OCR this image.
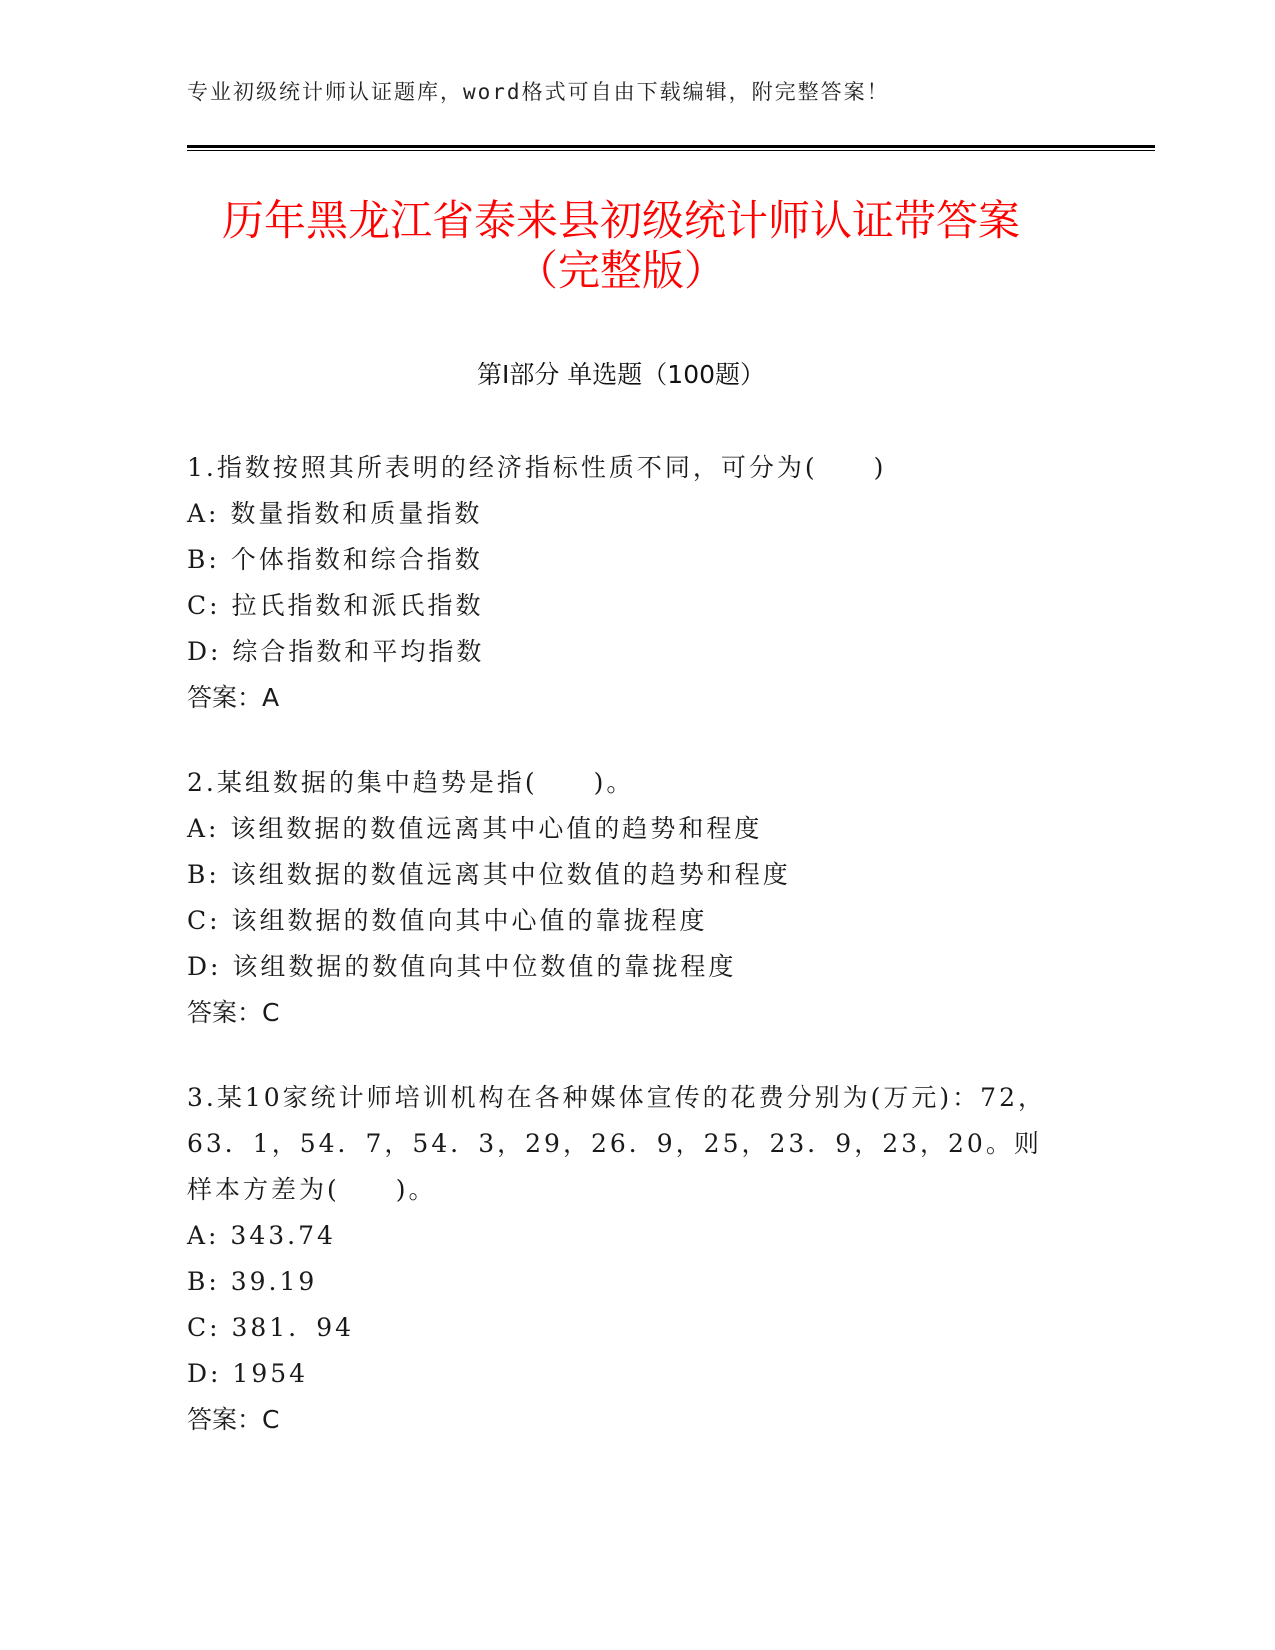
专业初级统计师认证题库，word格式可自由下载编辑，附完整答案！
历年黑龙江省泰来县初级统计师认证带答案（完整版）
第Ⅰ部分 单选题（100题）
1.指数按照其所表明的经济指标性质不同，可分为(　　)
A: 数量指数和质量指数
B: 个体指数和综合指数
C: 拉氏指数和派氏指数
D: 综合指数和平均指数
答案：A
2.某组数据的集中趋势是指(　　)。
A: 该组数据的数值远离其中心值的趋势和程度
B: 该组数据的数值远离其中位数值的趋势和程度
C: 该组数据的数值向其中心值的靠拢程度
D: 该组数据的数值向其中位数值的靠拢程度
答案：C
3.某10家统计师培训机构在各种媒体宣传的花费分别为(万元)：72，63．1，54．7，54．3，29，26．9，25，23．9，23，20。则样本方差为(　　)。
A: 343.74
B: 39.19
C: 381．94
D: 1954
答案：C
